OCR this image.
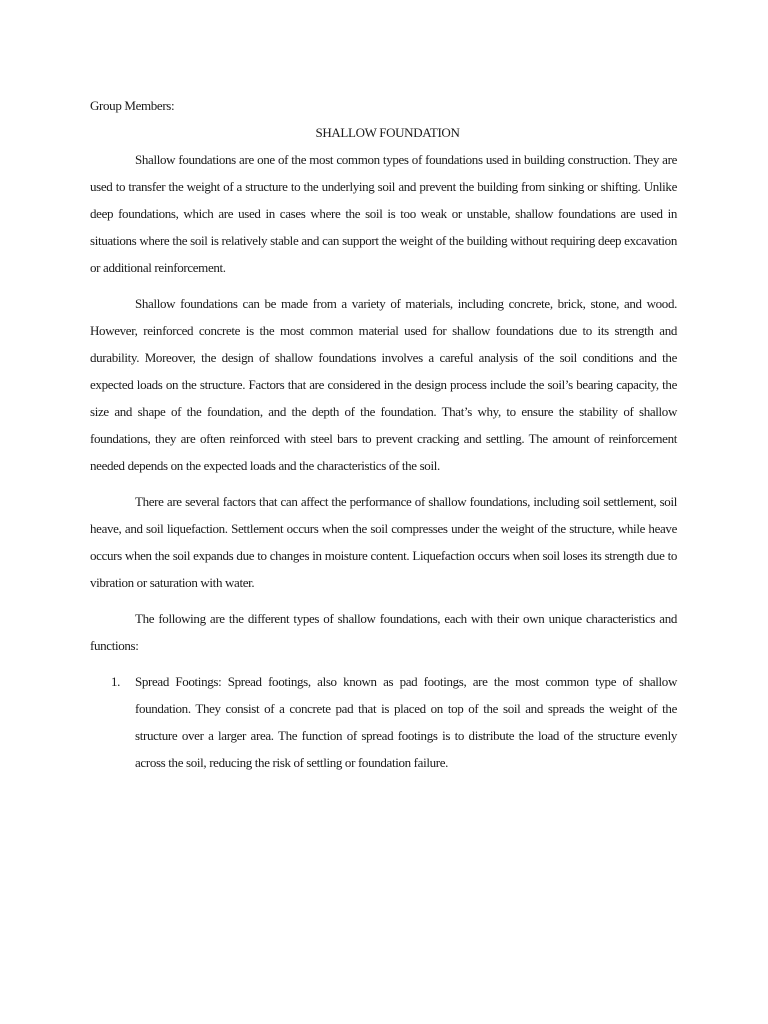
Group Members:

SHALLOW FOUNDATION

Shallow foundations are one of the most common types of foundations used in building construction. They are used to transfer the weight of a structure to the underlying soil and prevent the building from sinking or shifting. Unlike deep foundations, which are used in cases where the soil is too weak or unstable, shallow foundations are used in situations where the soil is relatively stable and can support the weight of the building without requiring deep excavation or additional reinforcement.

Shallow foundations can be made from a variety of materials, including concrete, brick, stone, and wood. However, reinforced concrete is the most common material used for shallow foundations due to its strength and durability. Moreover, the design of shallow foundations involves a careful analysis of the soil conditions and the expected loads on the structure. Factors that are considered in the design process include the soil’s bearing capacity, the size and shape of the foundation, and the depth of the foundation. That’s why, to ensure the stability of shallow foundations, they are often reinforced with steel bars to prevent cracking and settling. The amount of reinforcement needed depends on the expected loads and the characteristics of the soil.

There are several factors that can affect the performance of shallow foundations, including soil settlement, soil heave, and soil liquefaction. Settlement occurs when the soil compresses under the weight of the structure, while heave occurs when the soil expands due to changes in moisture content. Liquefaction occurs when soil loses its strength due to vibration or saturation with water.

The following are the different types of shallow foundations, each with their own unique characteristics and functions:

1. Spread Footings: Spread footings, also known as pad footings, are the most common type of shallow foundation. They consist of a concrete pad that is placed on top of the soil and spreads the weight of the structure over a larger area. The function of spread footings is to distribute the load of the structure evenly across the soil, reducing the risk of settling or foundation failure.
